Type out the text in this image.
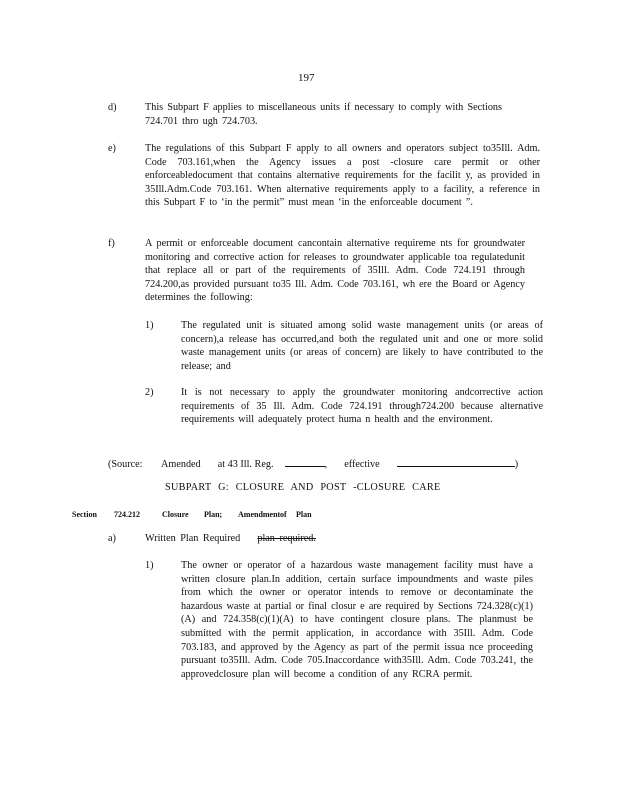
197
d)	This Subpart F applies to miscellaneous units if necessary to comply with Sections 724.701 thro ugh 724.703.
e)	The regulations of this Subpart F apply to all owners and operators subject to35Ill. Adm. Code 703.161,when the Agency issues a post -closure care permit or other enforceabledocument that contains alternative requirements for the facilit y, as provided in 35Ill.Adm.Code 703.161. When alternative requirements apply to a facility, a reference in this Subpart F to ‘in the permit” must mean ‘in the enforceable document ”.
f)	A permit or enforceable document cancontain alternative requireme nts for groundwater monitoring and corrective action for releases to groundwater applicable toa regulatedunit that replace all or part of the requirements of 35Ill. Adm. Code 724.191 through 724.200,as provided pursuant to35 Ill. Adm. Code 703.161, wh ere the Board or Agency determines the following:
1)	The regulated unit is situated among solid waste management units (or areas of concern),a release has occurred,and both the regulated unit and one or more solid waste management units (or areas of concern) are likely to have contributed to the release; and
2)	It is not necessary to apply the groundwater monitoring andcorrective action requirements of 35 Ill. Adm. Code 724.191 through724.200 because alternative requirements will adequately protect huma n health and the environment.
(Source: Amended at 43 Ill. Reg.	, effective	)
SUBPART G: CLOSURE AND POST -CLOSURE CARE
Section 724.212	Closure Plan; Amendment of Plan
a)	Written Plan Required plan required.
1)	The owner or operator of a hazardous waste management facility must have a written closure plan.In addition, certain surface impoundments and waste piles from which the owner or operator intends to remove or decontaminate the hazardous waste at partial or final closur e are required by Sections 724.328(c)(1)(A) and 724.358(c)(1)(A) to have contingent closure plans. The planmust be submitted with the permit application, in accordance with 35Ill. Adm. Code 703.183, and approved by the Agency as part of the permit issua nce proceeding pursuant to35Ill. Adm. Code 705.Inaccordance with35Ill. Adm. Code 703.241, the approvedclosure plan will become a condition of any RCRA permit.
